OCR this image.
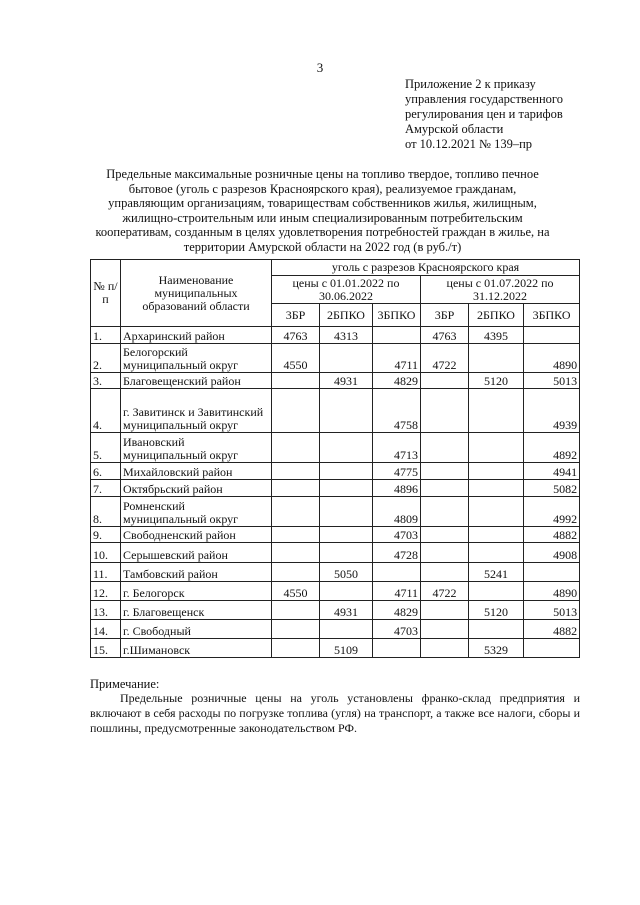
3
Приложение 2 к приказу
управления государственного
регулирования цен и тарифов
Амурской области
от 10.12.2021 № 139–пр
Предельные максимальные розничные цены на топливо твердое, топливо печное
бытовое (уголь с разрезов Красноярского края), реализуемое гражданам,
управляющим организациям, товариществам собственников жилья, жилищным,
жилищно-строительным или иным специализированным потребительским
кооперативам, созданным в целях удовлетворения потребностей граждан в жилье, на
территории Амурской области на 2022 год (в руб./т)
№ п/п	Наименование муниципальных образований области	уголь с разрезов Красноярского края					
		цены с 01.01.2022 по 30.06.2022			цены с 01.07.2022 по 31.12.2022		
		3БР	2БПКО	3БПКО	3БР	2БПКО	3БПКО
1.	Архаринский район	4763	4313		4763	4395	
2.	Белогорский муниципальный округ	4550		4711	4722		4890
3.	Благовещенский район		4931	4829		5120	5013
4.	г. Завитинск и Завитинский муниципальный округ			4758			4939
5.	Ивановский муниципальный округ			4713			4892
6.	Михайловский район			4775			4941
7.	Октябрьский район			4896			5082
8.	Ромненский муниципальный округ			4809			4992
9.	Свободненский район			4703			4882
10.	Серышевский район			4728			4908
11.	Тамбовский район		5050			5241	
12.	г. Белогорск	4550		4711	4722		4890
13.	г. Благовещенск		4931	4829		5120	5013
14.	г. Свободный			4703			4882
15.	г.Шимановск		5109			5329	
Примечание:
Предельные розничные цены на уголь установлены франко-склад предприятия и включают в себя расходы по погрузке топлива (угля) на транспорт, а также все налоги, сборы и пошлины, предусмотренные законодательством РФ.
